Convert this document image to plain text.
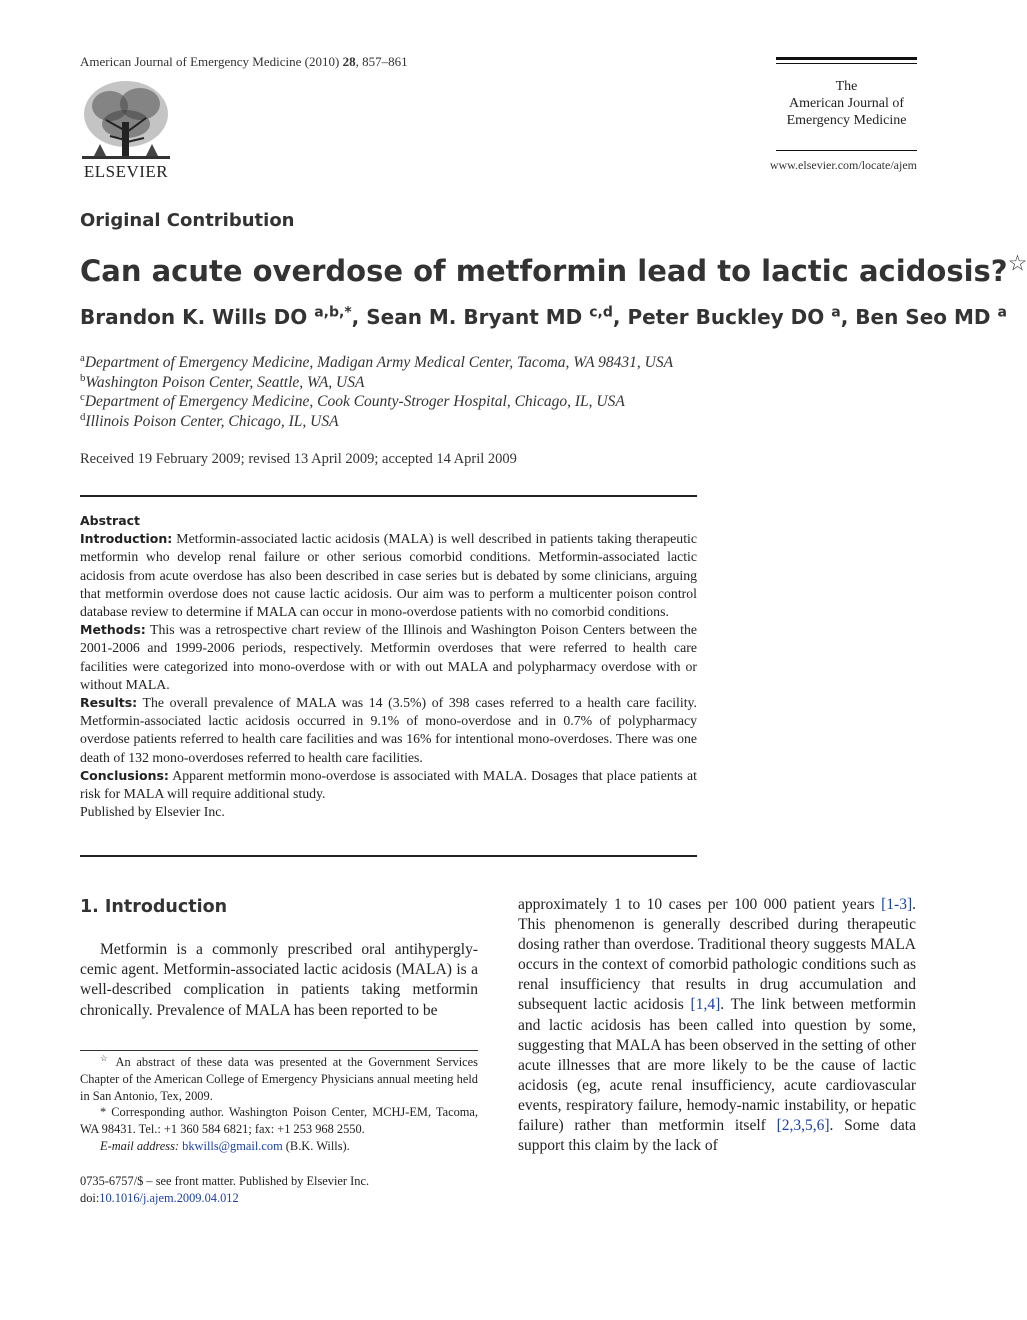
American Journal of Emergency Medicine (2010) 28, 857–861
ELSEVIER
The
American Journal of
Emergency Medicine
www.elsevier.com/locate/ajem
Original Contribution
Can acute overdose of metformin lead to lactic acidosis?☆
Brandon K. Wills DO $^{a,b,*}$, Sean M. Bryant MD $^{c,d}$, Peter Buckley DO $^a$, Ben Seo MD $^a$
$^a$Department of Emergency Medicine, Madigan Army Medical Center, Tacoma, WA 98431, USA
$^b$Washington Poison Center, Seattle, WA, USA
$^c$Department of Emergency Medicine, Cook County-Stroger Hospital, Chicago, IL, USA
$^d$Illinois Poison Center, Chicago, IL, USA
Received 19 February 2009; revised 13 April 2009; accepted 14 April 2009
Abstract

Introduction: Metformin-associated lactic acidosis (MALA) is well described in patients taking therapeutic metformin who develop renal failure or other serious comorbid conditions. Metformin-associated lactic acidosis from acute overdose has also been described in case series but is debated by some clinicians, arguing that metformin overdose does not cause lactic acidosis. Our aim was to perform a multicenter poison control database review to determine if MALA can occur in mono-overdose patients with no comorbid conditions.

Methods: This was a retrospective chart review of the Illinois and Washington Poison Centers between the 2001-2006 and 1999-2006 periods, respectively. Metformin overdoses that were referred to health care facilities were categorized into mono-overdose with or with out MALA and polypharmacy overdose with or without MALA.

Results: The overall prevalence of MALA was 14 (3.5%) of 398 cases referred to a health care facility. Metformin-associated lactic acidosis occurred in 9.1% of mono-overdose and in 0.7% of polypharmacy overdose patients referred to health care facilities and was 16% for intentional mono-overdoses. There was one death of 132 mono-overdoses referred to health care facilities.

Conclusions: Apparent metformin mono-overdose is associated with MALA. Dosages that place patients at risk for MALA will require additional study.

Published by Elsevier Inc.

1. Introduction
Metformin is a commonly prescribed oral antihypergly-cemic agent. Metformin-associated lactic acidosis (MALA) is a well-described complication in patients taking metformin chronically. Prevalence of MALA has been reported to be
approximately 1 to 10 cases per 100 000 patient years [1-3]. This phenomenon is generally described during therapeutic dosing rather than overdose. Traditional theory suggests MALA occurs in the context of comorbid pathologic conditions such as renal insufficiency that results in drug accumulation and subsequent lactic acidosis [1,4]. The link between metformin and lactic acidosis has been called into question by some, suggesting that MALA has been observed in the setting of other acute illnesses that are more likely to be the cause of lactic acidosis (eg, acute renal insufficiency, acute cardiovascular events, respiratory failure, hemody-namic instability, or hepatic failure) rather than metformin itself [2,3,5,6]. Some data support this claim by the lack of

☆ An abstract of these data was presented at the Government Services Chapter of the American College of Emergency Physicians annual meeting held in San Antonio, Tex, 2009.

* Corresponding author. Washington Poison Center, MCHJ-EM, Tacoma, WA 98431. Tel.: +1 360 584 6821; fax: +1 253 968 2550.

E-mail address: bkwills@gmail.com (B.K. Wills).

0735-6757/$ – see front matter. Published by Elsevier Inc.
doi:10.1016/j.ajem.2009.04.012
